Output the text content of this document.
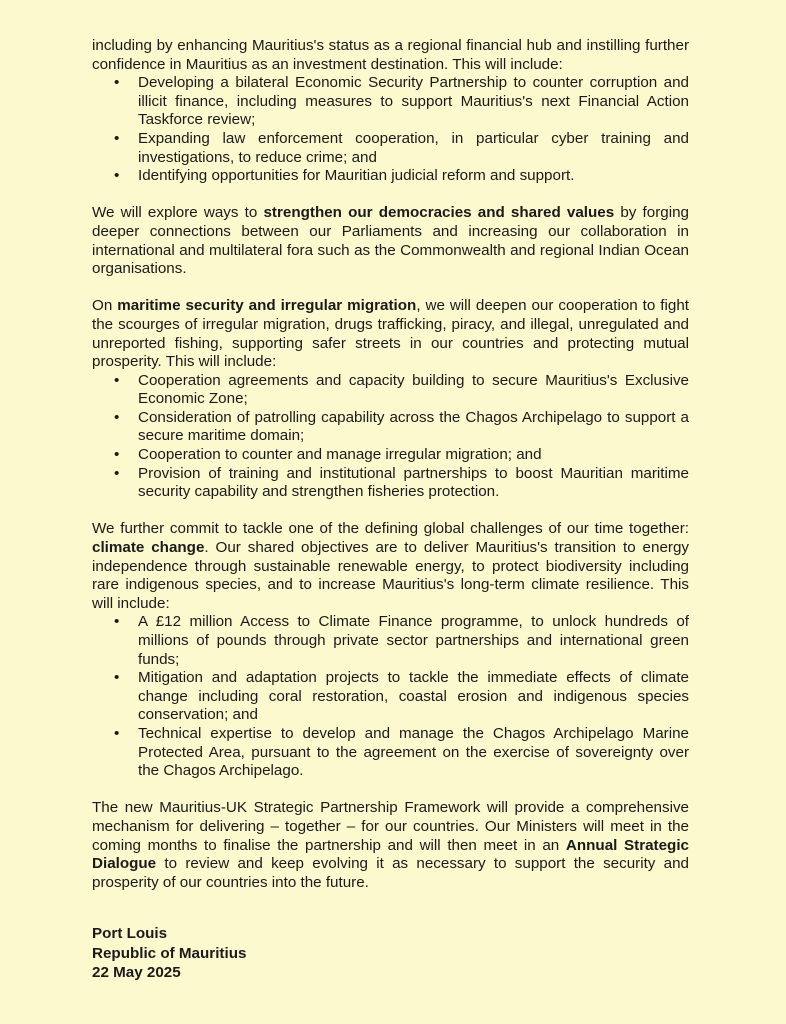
including by enhancing Mauritius's status as a regional financial hub and instilling further confidence in Mauritius as an investment destination. This will include:

• Developing a bilateral Economic Security Partnership to counter corruption and illicit finance, including measures to support Mauritius's next Financial Action Taskforce review;
• Expanding law enforcement cooperation, in particular cyber training and investigations, to reduce crime; and
• Identifying opportunities for Mauritian judicial reform and support.

We will explore ways to strengthen our democracies and shared values by forging deeper connections between our Parliaments and increasing our collaboration in international and multilateral fora such as the Commonwealth and regional Indian Ocean organisations.

On maritime security and irregular migration, we will deepen our cooperation to fight the scourges of irregular migration, drugs trafficking, piracy, and illegal, unregulated and unreported fishing, supporting safer streets in our countries and protecting mutual prosperity. This will include:

• Cooperation agreements and capacity building to secure Mauritius's Exclusive Economic Zone;
• Consideration of patrolling capability across the Chagos Archipelago to support a secure maritime domain;
• Cooperation to counter and manage irregular migration; and
• Provision of training and institutional partnerships to boost Mauritian maritime security capability and strengthen fisheries protection.

We further commit to tackle one of the defining global challenges of our time together: climate change. Our shared objectives are to deliver Mauritius's transition to energy independence through sustainable renewable energy, to protect biodiversity including rare indigenous species, and to increase Mauritius's long-term climate resilience. This will include:

• A £12 million Access to Climate Finance programme, to unlock hundreds of millions of pounds through private sector partnerships and international green funds;
• Mitigation and adaptation projects to tackle the immediate effects of climate change including coral restoration, coastal erosion and indigenous species conservation; and
• Technical expertise to develop and manage the Chagos Archipelago Marine Protected Area, pursuant to the agreement on the exercise of sovereignty over the Chagos Archipelago.

The new Mauritius-UK Strategic Partnership Framework will provide a comprehensive mechanism for delivering – together – for our countries. Our Ministers will meet in the coming months to finalise the partnership and will then meet in an Annual Strategic Dialogue to review and keep evolving it as necessary to support the security and prosperity of our countries into the future.

Port Louis
Republic of Mauritius
22 May 2025
